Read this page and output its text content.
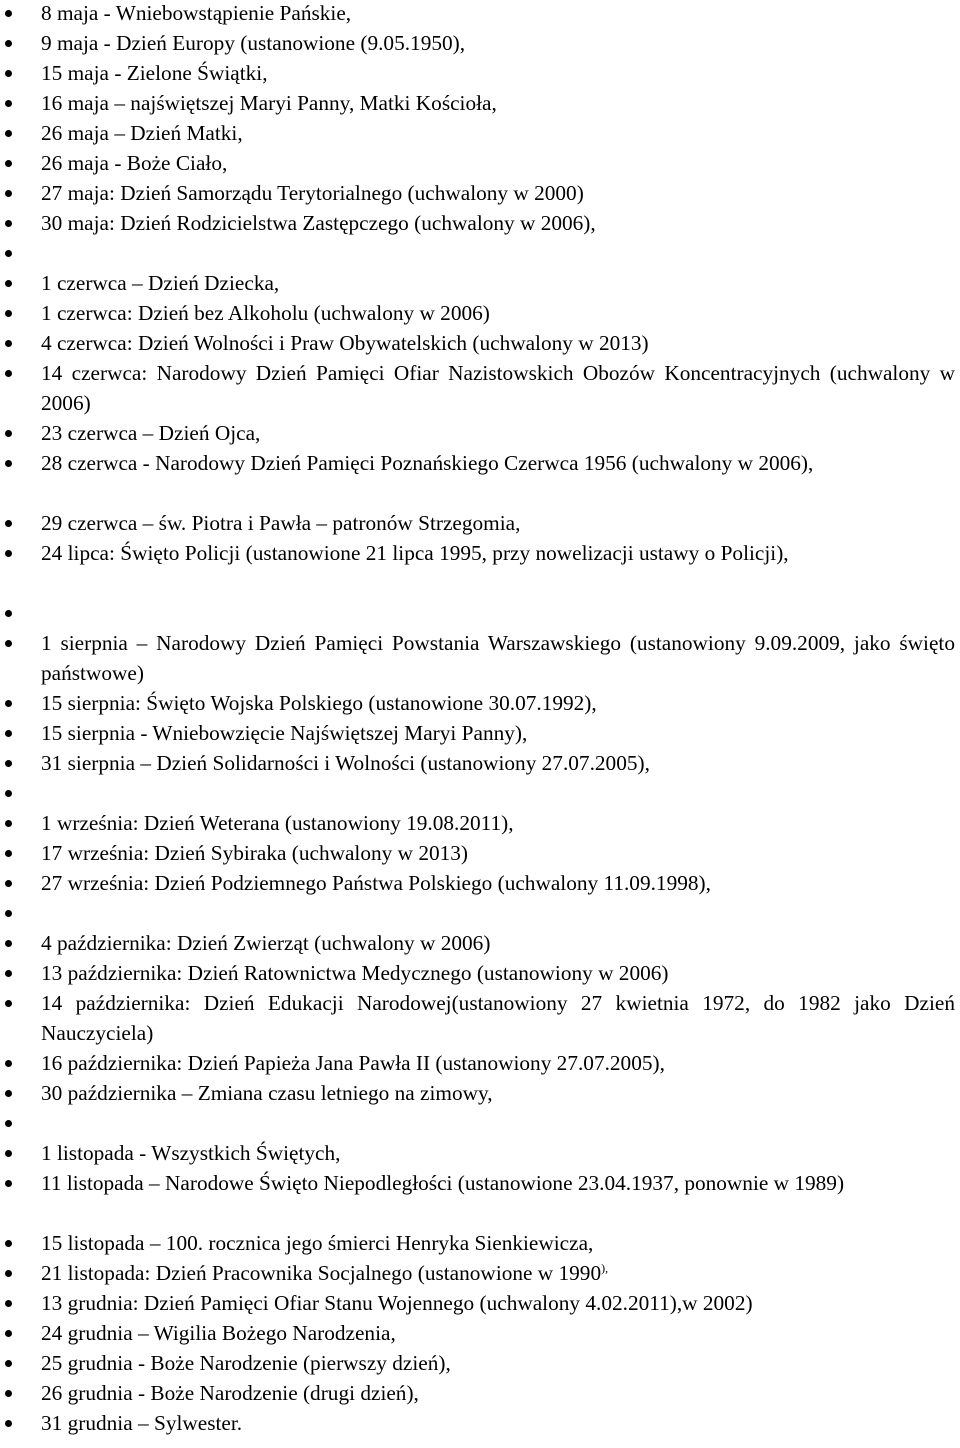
8 maja - Wniebowstąpienie Pańskie,
9 maja - Dzień Europy (ustanowione (9.05.1950),
15 maja - Zielone Świątki,
16 maja – najświętszej Maryi Panny, Matki Kościoła,
26 maja – Dzień Matki,
26 maja - Boże Ciało,
27 maja: Dzień Samorządu Terytorialnego (uchwalony w 2000)
30 maja: Dzień Rodzicielstwa Zastępczego (uchwalony w 2006),
1 czerwca – Dzień Dziecka,
1 czerwca: Dzień bez Alkoholu (uchwalony w 2006)
4 czerwca: Dzień Wolności i Praw Obywatelskich (uchwalony w 2013)
14 czerwca: Narodowy Dzień Pamięci Ofiar Nazistowskich Obozów Koncentracyjnych (uchwalony w 2006)
23 czerwca – Dzień Ojca,
28 czerwca - Narodowy Dzień Pamięci Poznańskiego Czerwca 1956 (uchwalony w 2006),
29 czerwca – św. Piotra i Pawła – patronów Strzegomia,
24 lipca: Święto Policji (ustanowione 21 lipca 1995, przy nowelizacji ustawy o Policji),
1 sierpnia – Narodowy Dzień Pamięci Powstania Warszawskiego (ustanowiony 9.09.2009, jako święto państwowe)
15 sierpnia: Święto Wojska Polskiego (ustanowione 30.07.1992),
15 sierpnia - Wniebowzięcie Najświętszej Maryi Panny),
31 sierpnia – Dzień Solidarności i Wolności (ustanowiony 27.07.2005),
1 września: Dzień Weterana (ustanowiony 19.08.2011),
17 września: Dzień Sybiraka (uchwalony w 2013)
27 września: Dzień Podziemnego Państwa Polskiego (uchwalony 11.09.1998),
4 października: Dzień Zwierząt (uchwalony w 2006)
13 października: Dzień Ratownictwa Medycznego (ustanowiony w 2006)
14 października: Dzień Edukacji Narodowej(ustanowiony 27 kwietnia 1972, do 1982 jako Dzień Nauczyciela)
16 października: Dzień Papieża Jana Pawła II (ustanowiony 27.07.2005),
30 października – Zmiana czasu letniego na zimowy,
1 listopada - Wszystkich Świętych,
11 listopada – Narodowe Święto Niepodległości (ustanowione 23.04.1937, ponownie w 1989)
15 listopada – 100. rocznica jego śmierci Henryka Sienkiewicza,
21 listopada: Dzień Pracownika Socjalnego (ustanowione w 1990),
13 grudnia: Dzień Pamięci Ofiar Stanu Wojennego (uchwalony 4.02.2011),w 2002)
24 grudnia – Wigilia Bożego Narodzenia,
25 grudnia - Boże Narodzenie (pierwszy dzień),
26 grudnia - Boże Narodzenie (drugi dzień),
31 grudnia – Sylwester.
